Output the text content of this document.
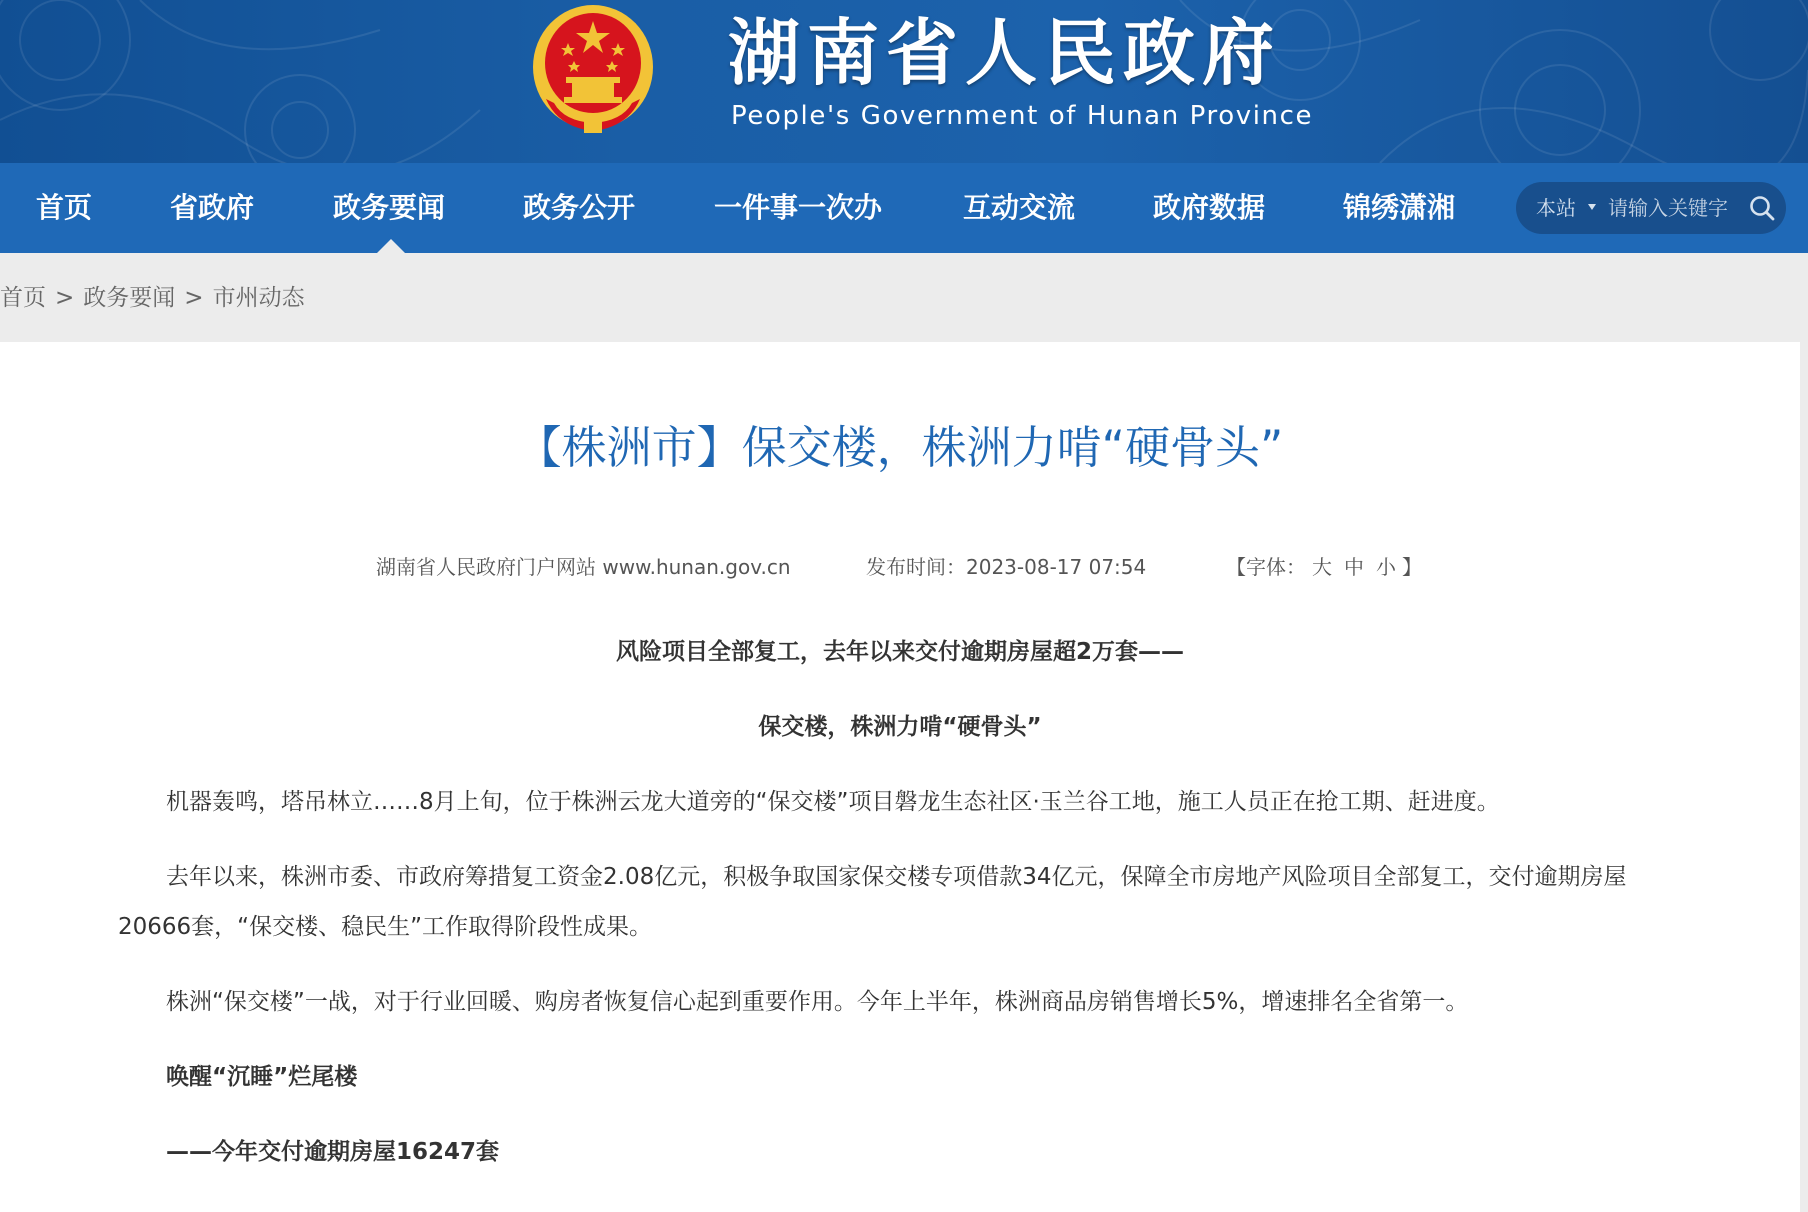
湖南省人民政府
People's Government of Hunan Province
首页	省政府	政务要闻	政务公开	一件事一次办	互动交流	政府数据	锦绣潇湘	本站
请输入关键字
首页 > 政务要闻 > 市州动态
【株洲市】保交楼，株洲力啃“硬骨头”
湖南省人民政府门户网站 www.hunan.gov.cn	发布时间：2023-08-17 07:54	【字体： 大 中 小 】

风险项目全部复工，去年以来交付逾期房屋超2万套——

保交楼，株洲力啃“硬骨头”

机器轰鸣，塔吊林立……8月上旬，位于株洲云龙大道旁的“保交楼”项目磐龙生态社区·玉兰谷工地，施工人员正在抢工期、赶进度。

去年以来，株洲市委、市政府筹措复工资金2.08亿元，积极争取国家保交楼专项借款34亿元，保障全市房地产风险项目全部复工，交付逾期房屋20666套，“保交楼、稳民生”工作取得阶段性成果。

株洲“保交楼”一战，对于行业回暖、购房者恢复信心起到重要作用。今年上半年，株洲商品房销售增长5%，增速排名全省第一。

唤醒“沉睡”烂尾楼

——今年交付逾期房屋16247套
